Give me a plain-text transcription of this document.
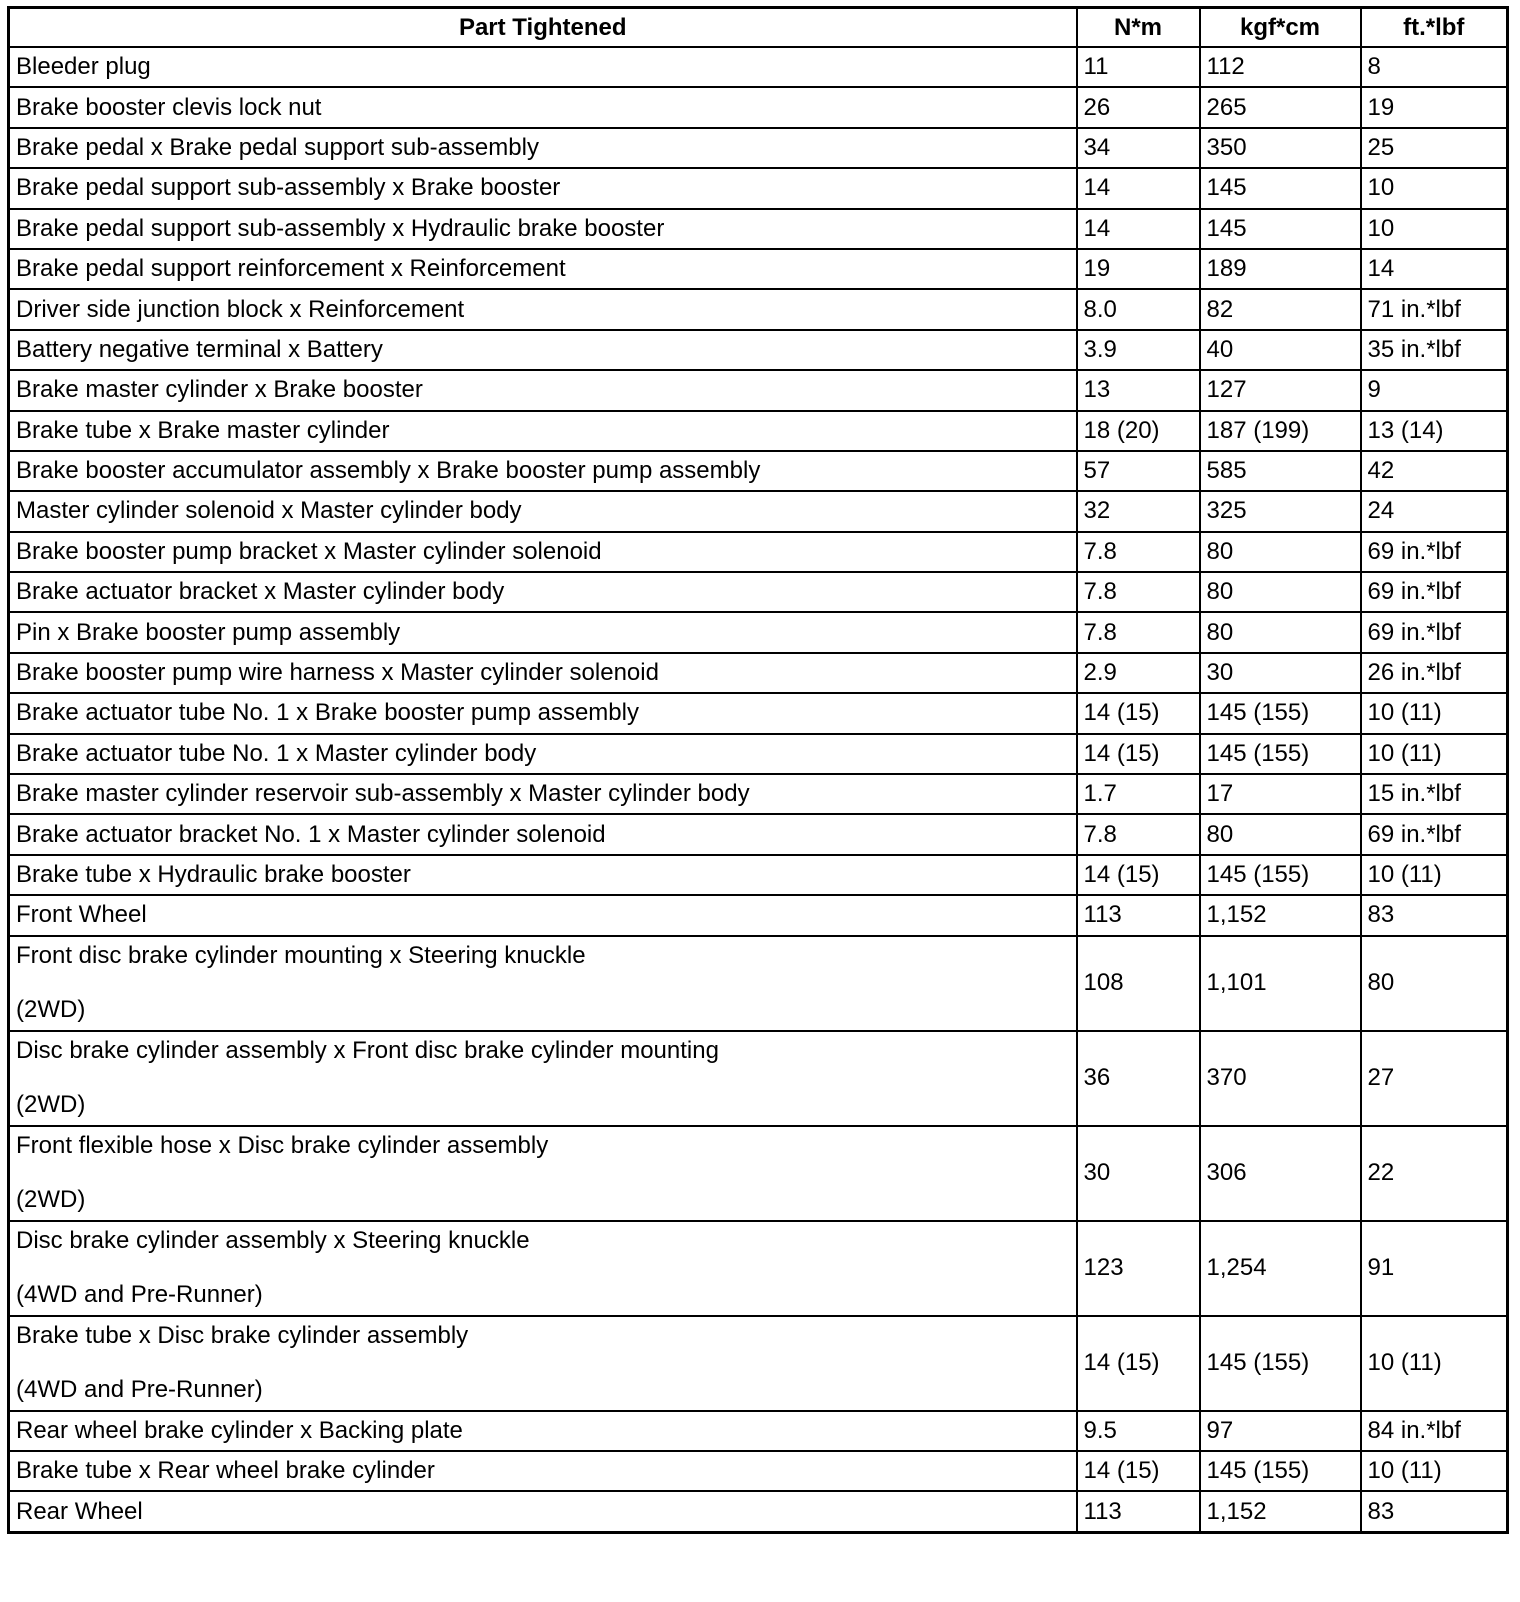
Part Tightened	N*m	kgf*cm	ft.*lbf
Bleeder plug	11	112	8
Brake booster clevis lock nut	26	265	19
Brake pedal x Brake pedal support sub-assembly	34	350	25
Brake pedal support sub-assembly x Brake booster	14	145	10
Brake pedal support sub-assembly x Hydraulic brake booster	14	145	10
Brake pedal support reinforcement x Reinforcement	19	189	14
Driver side junction block x Reinforcement	8.0	82	71 in.*lbf
Battery negative terminal x Battery	3.9	40	35 in.*lbf
Brake master cylinder x Brake booster	13	127	9
Brake tube x Brake master cylinder	18 (20)	187 (199)	13 (14)
Brake booster accumulator assembly x Brake booster pump assembly	57	585	42
Master cylinder solenoid x Master cylinder body	32	325	24
Brake booster pump bracket x Master cylinder solenoid	7.8	80	69 in.*lbf
Brake actuator bracket x Master cylinder body	7.8	80	69 in.*lbf
Pin x Brake booster pump assembly	7.8	80	69 in.*lbf
Brake booster pump wire harness x Master cylinder solenoid	2.9	30	26 in.*lbf
Brake actuator tube No. 1 x Brake booster pump assembly	14 (15)	145 (155)	10 (11)
Brake actuator tube No. 1 x Master cylinder body	14 (15)	145 (155)	10 (11)
Brake master cylinder reservoir sub-assembly x Master cylinder body	1.7	17	15 in.*lbf
Brake actuator bracket No. 1 x Master cylinder solenoid	7.8	80	69 in.*lbf
Brake tube x Hydraulic brake booster	14 (15)	145 (155)	10 (11)
Front Wheel	113	1,152	83
Front disc brake cylinder mounting x Steering knuckle
(2WD)	108	1,101	80
Disc brake cylinder assembly x Front disc brake cylinder mounting
(2WD)	36	370	27
Front flexible hose x Disc brake cylinder assembly
(2WD)	30	306	22
Disc brake cylinder assembly x Steering knuckle
(4WD and Pre-Runner)	123	1,254	91
Brake tube x Disc brake cylinder assembly
(4WD and Pre-Runner)	14 (15)	145 (155)	10 (11)
Rear wheel brake cylinder x Backing plate	9.5	97	84 in.*lbf
Brake tube x Rear wheel brake cylinder	14 (15)	145 (155)	10 (11)
Rear Wheel	113	1,152	83
